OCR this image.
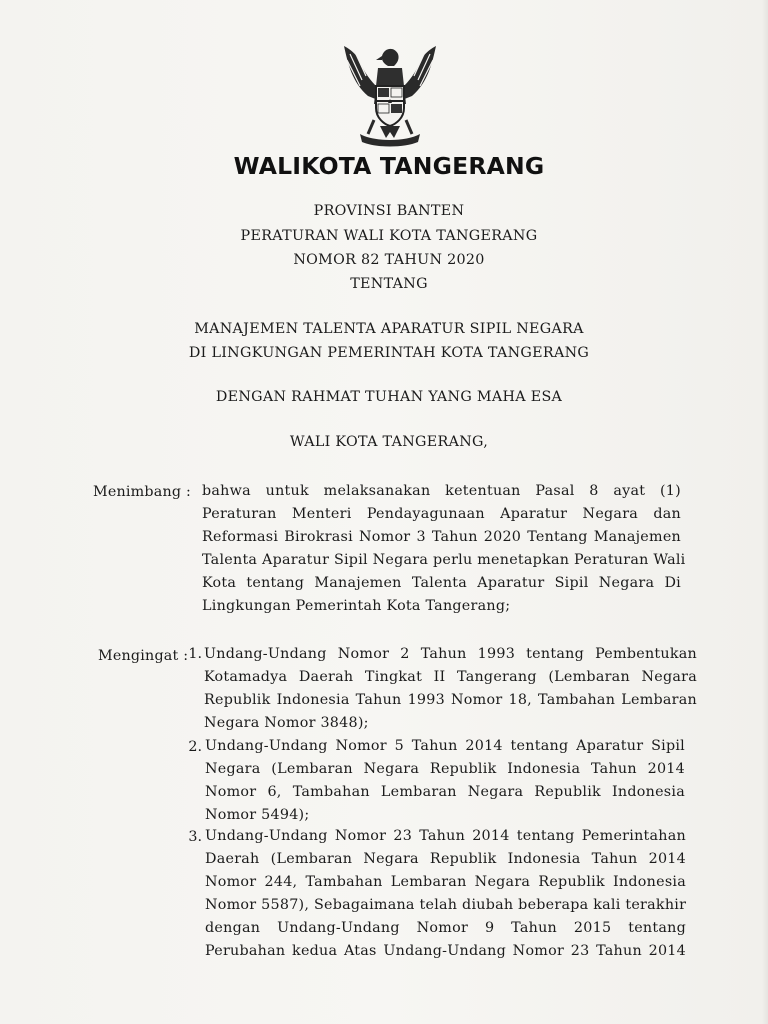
WALIKOTA TANGERANG
PROVINSI BANTEN
PERATURAN WALI KOTA TANGERANG
NOMOR 82 TAHUN 2020
TENTANG
MANAJEMEN TALENTA APARATUR SIPIL NEGARA
DI LINGKUNGAN PEMERINTAH KOTA TANGERANG
DENGAN RAHMAT TUHAN YANG MAHA ESA
WALI KOTA TANGERANG,
Menimbang : bahwa untuk melaksanakan ketentuan Pasal 8 ayat (1)
Peraturan Menteri Pendayagunaan Aparatur Negara dan
Reformasi Birokrasi Nomor 3 Tahun 2020 Tentang Manajemen
Talenta Aparatur Sipil Negara perlu menetapkan Peraturan Wali
Kota tentang Manajemen Talenta Aparatur Sipil Negara Di
Lingkungan Pemerintah Kota Tangerang;
Mengingat : 1. Undang-Undang Nomor 2 Tahun 1993 tentang Pembentukan
Kotamadya Daerah Tingkat II Tangerang (Lembaran Negara
Republik Indonesia Tahun 1993 Nomor 18, Tambahan Lembaran
Negara Nomor 3848);
2. Undang-Undang Nomor 5 Tahun 2014 tentang Aparatur Sipil
Negara (Lembaran Negara Republik Indonesia Tahun 2014
Nomor 6, Tambahan Lembaran Negara Republik Indonesia
Nomor 5494);
3. Undang-Undang Nomor 23 Tahun 2014 tentang Pemerintahan
Daerah (Lembaran Negara Republik Indonesia Tahun 2014
Nomor 244, Tambahan Lembaran Negara Republik Indonesia
Nomor 5587), Sebagaimana telah diubah beberapa kali terakhir
dengan Undang-Undang Nomor 9 Tahun 2015 tentang
Perubahan kedua Atas Undang-Undang Nomor 23 Tahun 2014
